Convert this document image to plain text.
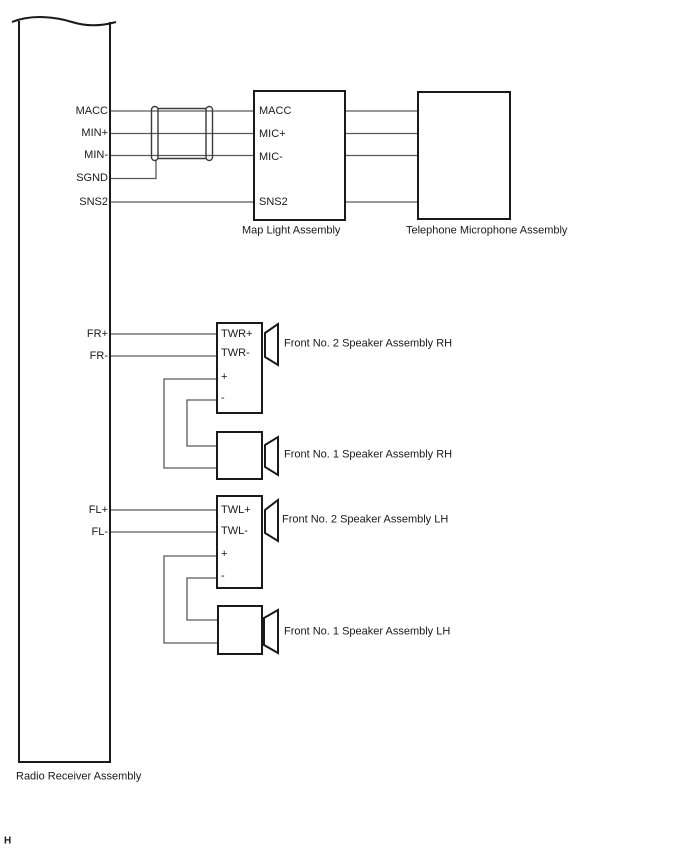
MACC
MIN+
MIN-
SGND
SNS2
FR+
FR-
FL+
FL-
MACC
MIC+
MIC-
SNS2
TWR+
TWR-
+
-
TWL+
TWL-
+
-
Map Light Assembly	Telephone Microphone Assembly
Front No. 2 Speaker Assembly RH
Front No. 1 Speaker Assembly RH
Front No. 2 Speaker Assembly LH
Front No. 1 Speaker Assembly LH
Radio Receiver Assembly
H
